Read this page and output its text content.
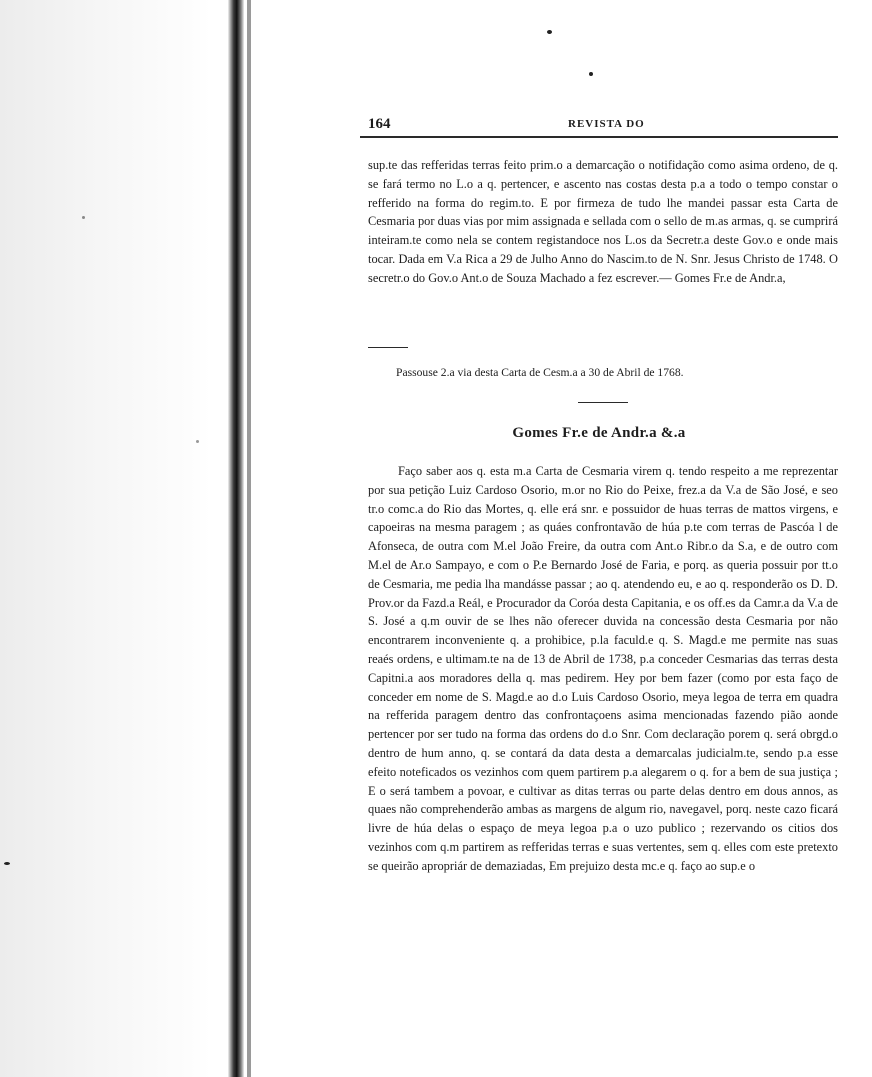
164	REVISTA DO

sup.te das refferidas terras feito prim.o a demarcação o notifidação como asima ordeno, de q. se fará termo no L.o a q. pertencer, e ascento nas costas desta p.a a todo o tempo constar o refferido na forma do regim.to. E por firmeza de tudo lhe mandei passar esta Carta de Cesmaria por duas vias por mim assignada e sellada com o sello de m.as armas, q. se cumprirá inteiram.te como nela se contem registandoce nos L.os da Secretr.a deste Gov.o e onde mais tocar. Dada em V.a Rica a 29 de Julho Anno do Nascim.to de N. Snr. Jesus Christo de 1748. O secretr.o do Gov.o Ant.o de Souza Machado a fez escrever.— Gomes Fr.e de Andr.a,

Passouse 2.a via desta Carta de Cesm.a a 30 de Abril de 1768.
Gomes Fr.e de Andr.a &.a

Faço saber aos q. esta m.a Carta de Cesmaria virem q. tendo respeito a me reprezentar por sua petição Luiz Cardoso Osorio, m.or no Rio do Peixe, frez.a da V.a de São José, e seo tr.o comc.a do Rio das Mortes, q. elle erá snr. e possuidor de huas terras de mattos virgens, e capoeiras na mesma paragem ; as quáes confrontavão de húa p.te com terras de Pascóa l de Afonseca, de outra com M.el João Freire, da outra com Ant.o Ribr.o da S.a, e de outro com M.el de Ar.o Sampayo, e com o P.e Bernardo José de Faria, e porq. as queria possuir por tt.o de Cesmaria, me pedia lha mandásse passar ; ao q. atendendo eu, e ao q. responderão os D. D. Prov.or da Fazd.a Reál, e Procurador da Coróa desta Capitania, e os off.es da Camr.a da V.a de S. José a q.m ouvir de se lhes não oferecer duvida na concessão desta Cesmaria por não encontrarem inconveniente q. a prohibice, p.la faculd.e q. S. Magd.e me permite nas suas reaés ordens, e ultimam.te na de 13 de Abril de 1738, p.a conceder Cesmarias das terras desta Capitni.a aos moradores della q. mas pedirem. Hey por bem fazer (como por esta faço de conceder em nome de S. Magd.e ao d.o Luis Cardoso Osorio, meya legoa de terra em quadra na refferida paragem dentro das confrontaçoens asima mencionadas fazendo pião aonde pertencer por ser tudo na forma das ordens do d.o Snr. Com declaração porem q. será obrgd.o dentro de hum anno, q. se contará da data desta a demarcalas judicialm.te, sendo p.a esse efeito noteficados os vezinhos com quem partirem p.a alegarem o q. for a bem de sua justiça ; E o será tambem a povoar, e cultivar as ditas terras ou parte delas dentro em dous annos, as quaes não comprehenderão ambas as margens de algum rio, navegavel, porq. neste cazo ficará livre de húa delas o espaço de meya legoa p.a o uzo publico ; rezervando os citios dos vezinhos com q.m partirem as refferidas terras e suas vertentes, sem q. elles com este pretexto se queirão apropriár de demaziadas, Em prejuizo desta mc.e q. faço ao sup.e o
